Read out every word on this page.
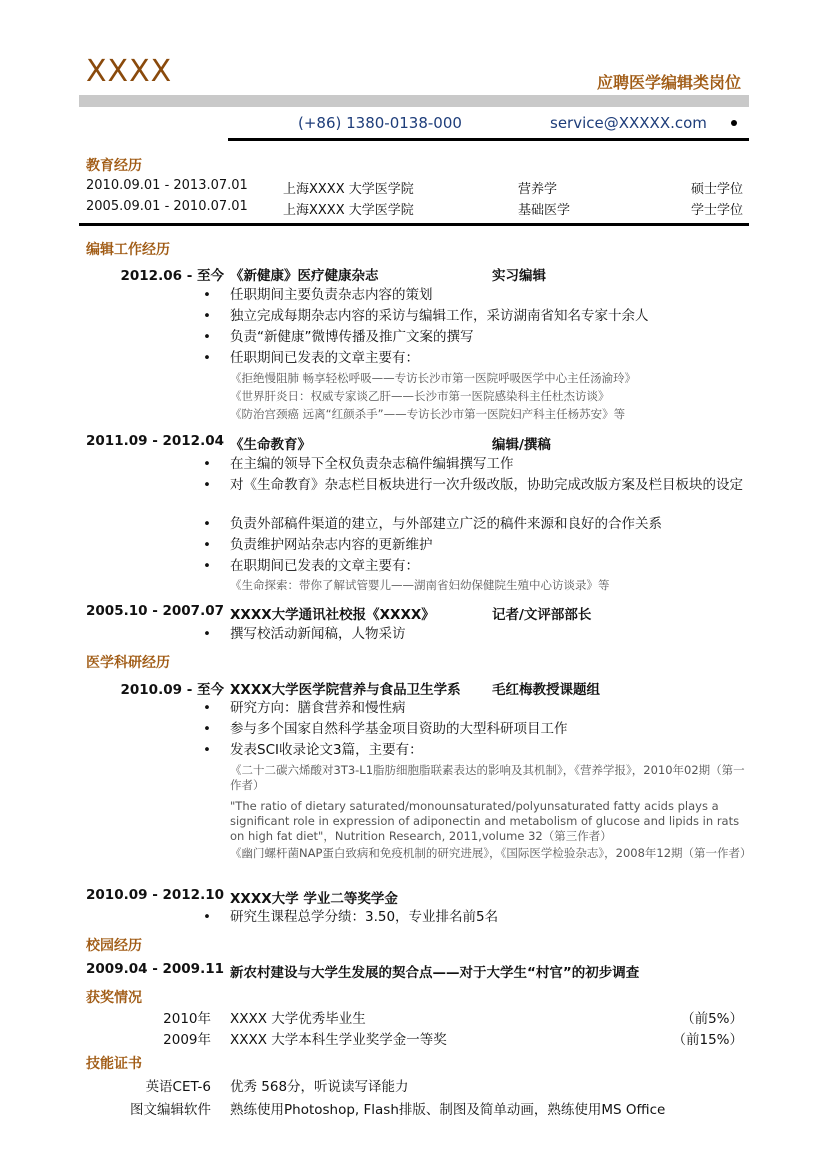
XXXX	应聘医学编辑类岗位
(+86) 1380-0138-000	service@XXXXX.com
教育经历
2010.09.01 - 2013.07.01	上海XXXX 大学医学院	营养学	硕士学位
2005.09.01 - 2010.07.01	上海XXXX 大学医学院	基础医学	学士学位
编辑工作经历
2012.06 - 至今 《新健康》医疗健康杂志	实习编辑
任职期间主要负责杂志内容的策划
独立完成每期杂志内容的采访与编辑工作，采访湖南省知名专家十余人
负责“新健康”微博传播及推广文案的撰写
任职期间已发表的文章主要有：
《拒绝慢阻肺 畅享轻松呼吸——专访长沙市第一医院呼吸医学中心主任汤渝玲》
《世界肝炎日：权威专家谈乙肝——长沙市第一医院感染科主任杜杰访谈》
《防治宫颈癌 远离“红颜杀手”——专访长沙市第一医院妇产科主任杨苏安》等
2011.09 - 2012.04 《生命教育》	编辑/撰稿
在主编的领导下全权负责杂志稿件编辑撰写工作
对《生命教育》杂志栏目板块进行一次升级改版，协助完成改版方案及栏目板块的设定
负责外部稿件渠道的建立，与外部建立广泛的稿件来源和良好的合作关系
负责维护网站杂志内容的更新维护
在职期间已发表的文章主要有：
《生命探索：带你了解试管婴儿——湖南省妇幼保健院生殖中心访谈录》等
2005.10 - 2007.07 XXXX大学通讯社校报《XXXX》	记者/文评部部长
撰写校活动新闻稿，人物采访
医学科研经历
2010.09 - 至今 XXXX大学医学院营养与食品卫生学系 毛红梅教授课题组
研究方向：膳食营养和慢性病
参与多个国家自然科学基金项目资助的大型科研项目工作
发表SCI收录论文3篇，主要有：
《二十二碳六烯酸对3T3-L1脂肪细胞脂联素表达的影响及其机制》，《营养学报》，2010年02期（第一作者）
"The ratio of dietary saturated/monounsaturated/polyunsaturated fatty acids plays a significant role in expression of adiponectin and metabolism of glucose and lipids in rats on high fat diet"，Nutrition Research, 2011,volume 32（第三作者）
《幽门螺杆菌NAP蛋白致病和免疫机制的研究进展》，《国际医学检验杂志》，2008年12期（第一作者）
2010.09 - 2012.10 XXXX大学 学业二等奖学金
研究生课程总学分绩：3.50，专业排名前5名
校园经历
2009.04 - 2009.11 新农村建设与大学生发展的契合点——对于大学生“村官”的初步调查
获奖情况
2010年 XXXX 大学优秀毕业生	（前5%）
2009年 XXXX 大学本科生学业奖学金一等奖	（前15%）
技能证书
英语CET-6 优秀 568分，听说读写译能力
图文编辑软件 熟练使用Photoshop, Flash排版、制图及简单动画，熟练使用MS Office
